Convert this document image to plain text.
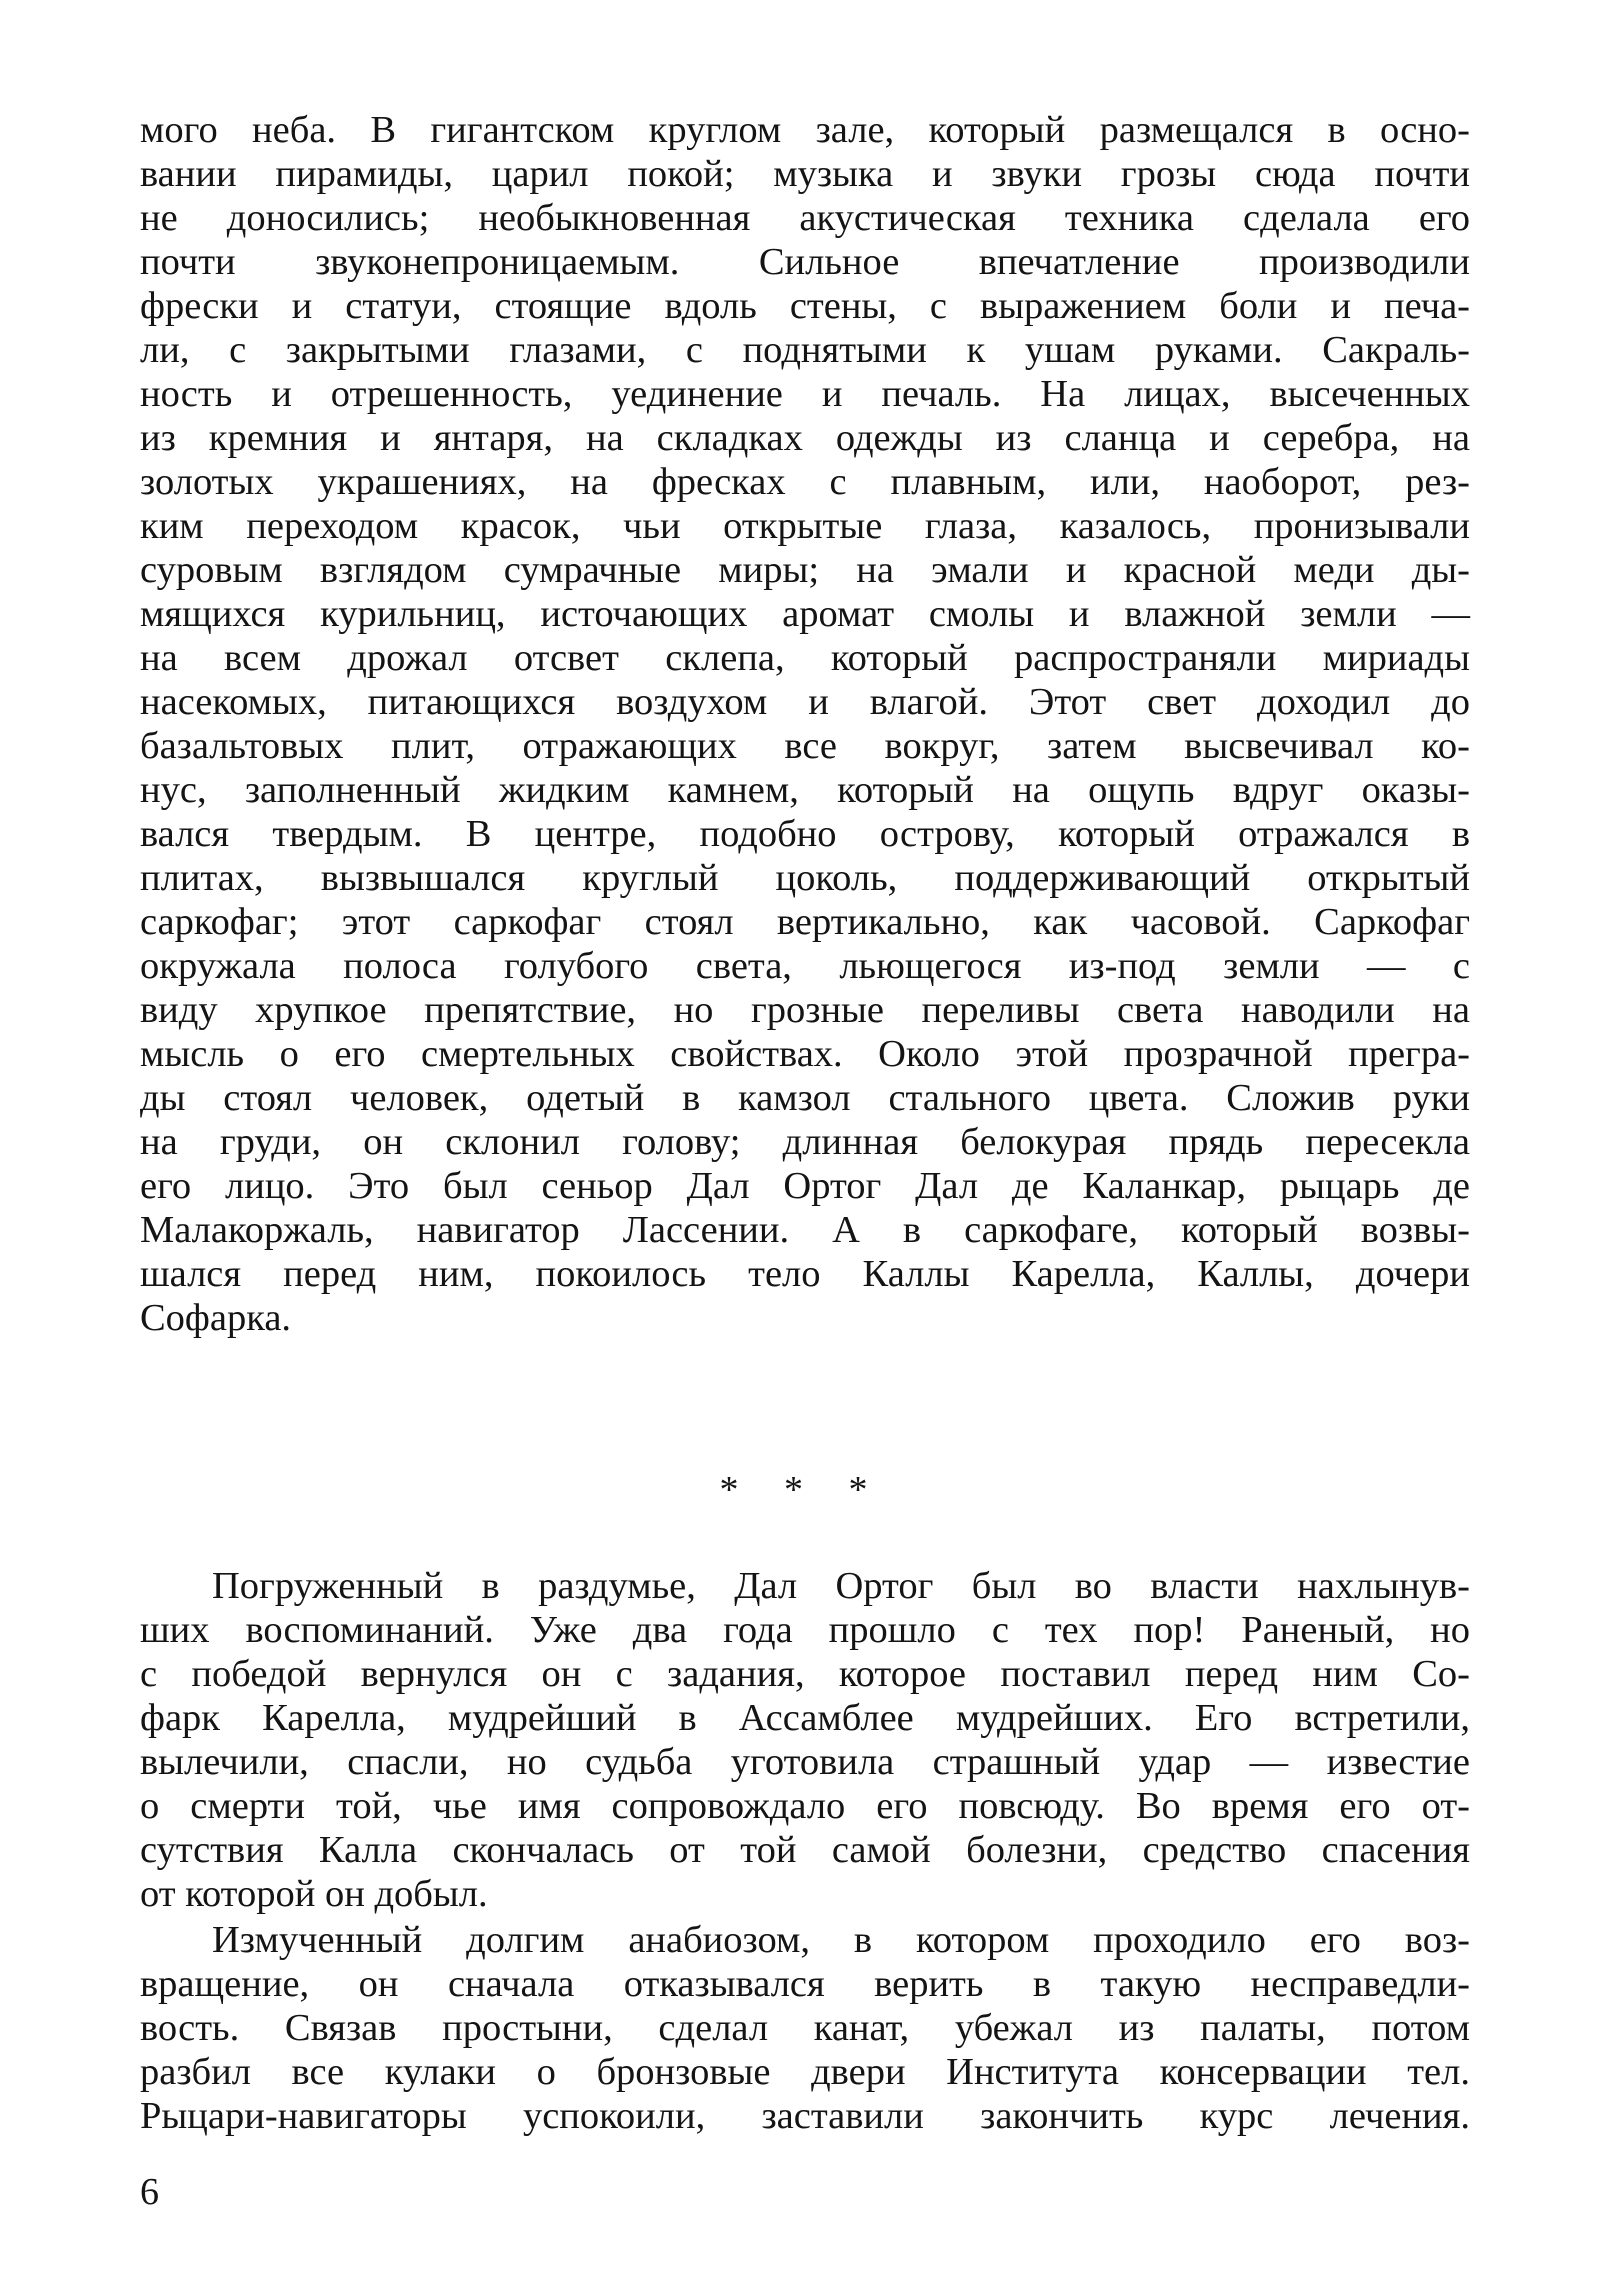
мого неба. В гигантском круглом зале, который размещался в осно-
вании пирамиды, царил покой; музыка и звуки грозы сюда почти
не доносились; необыкновенная акустическая техника сделала его
почти звуконепроницаемым. Сильное впечатление производили
фрески и статуи, стоящие вдоль стены, с выражением боли и печа-
ли, с закрытыми глазами, с поднятыми к ушам руками. Сакраль-
ность и отрешенность, уединение и печаль. На лицах, высеченных
из кремния и янтаря, на складках одежды из сланца и серебра, на
золотых украшениях, на фресках с плавным, или, наоборот, рез-
ким переходом красок, чьи открытые глаза, казалось, пронизывали
суровым взглядом сумрачные миры; на эмали и красной меди ды-
мящихся курильниц, источающих аромат смолы и влажной земли —
на всем дрожал отсвет склепа, который распространяли мириады
насекомых, питающихся воздухом и влагой. Этот свет доходил до
базальтовых плит, отражающих все вокруг, затем высвечивал ко-
нус, заполненный жидким камнем, который на ощупь вдруг оказы-
вался твердым. В центре, подобно острову, который отражался в
плитах, вызвышался круглый цоколь, поддерживающий открытый
саркофаг; этот саркофаг стоял вертикально, как часовой. Саркофаг
окружала полоса голубого света, льющегося из-под земли — с
виду хрупкое препятствие, но грозные переливы света наводили на
мысль о его смертельных свойствах. Около этой прозрачной прегра-
ды стоял человек, одетый в камзол стального цвета. Сложив руки
на груди, он склонил голову; длинная белокурая прядь пересекла
его лицо. Это был сеньор Дал Ортог Дал де Каланкар, рыцарь де
Малакоржаль, навигатор Лассении. А в саркофаге, который возвы-
шался перед ним, покоилось тело Каллы Карелла, Каллы, дочери
Софарка.
* * *
Погруженный в раздумье, Дал Ортог был во власти нахлынув-
ших воспоминаний. Уже два года прошло с тех пор! Раненый, но
с победой вернулся он с задания, которое поставил перед ним Со-
фарк Карелла, мудрейший в Ассамблее мудрейших. Его встретили,
вылечили, спасли, но судьба уготовила страшный удар — известие
о смерти той, чье имя сопровождало его повсюду. Во время его от-
сутствия Калла скончалась от той самой болезни, средство спасения
от которой он добыл.
Измученный долгим анабиозом, в котором проходило его воз-
вращение, он сначала отказывался верить в такую несправедли-
вость. Связав простыни, сделал канат, убежал из палаты, потом
разбил все кулаки о бронзовые двери Института консервации тел.
Рыцари-навигаторы успокоили, заставили закончить курс лечения.
6
